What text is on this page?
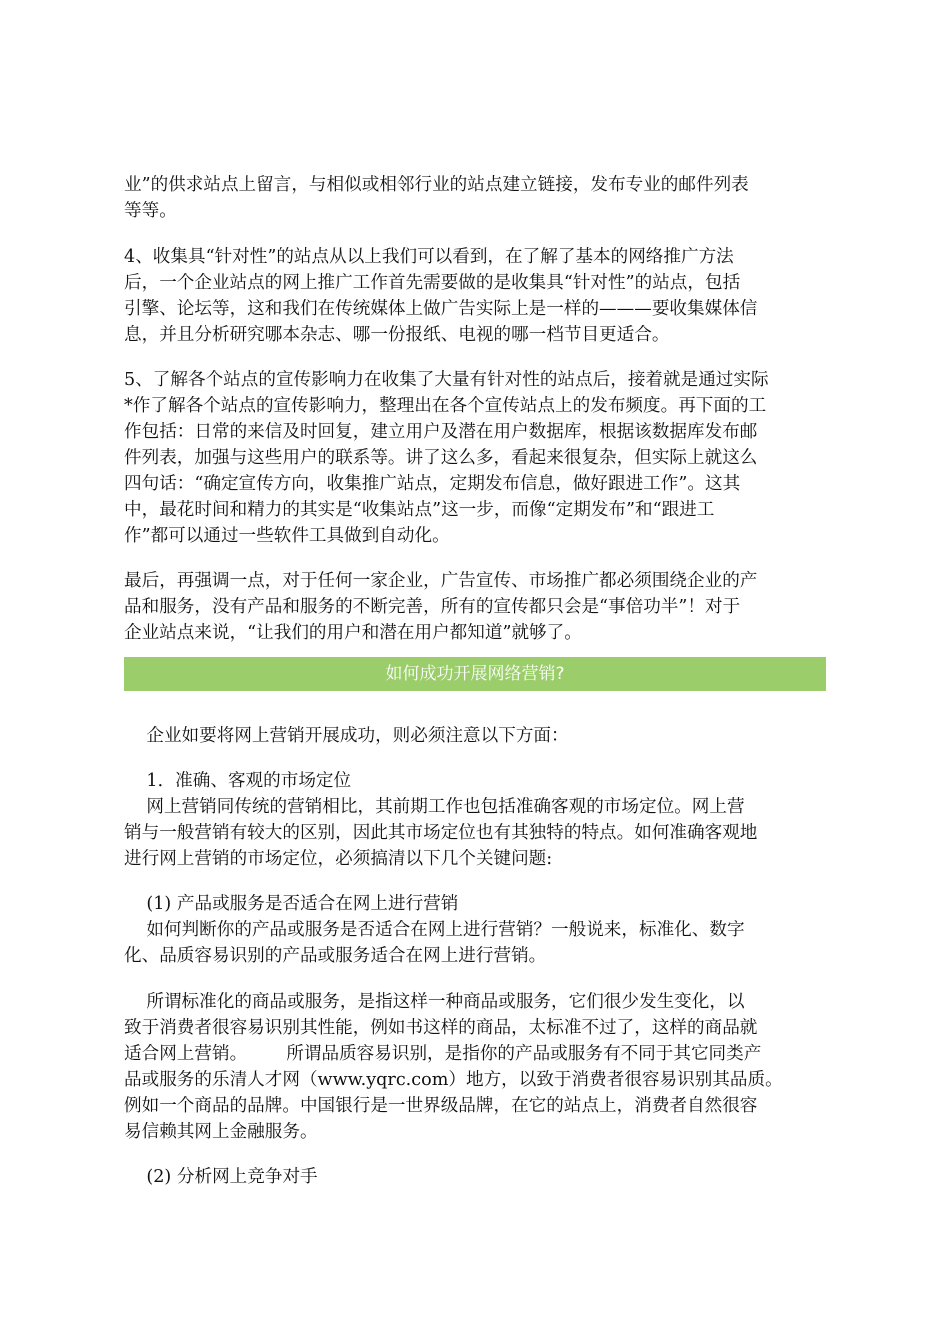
业”的供求站点上留言，与相似或相邻行业的站点建立链接，发布专业的邮件列表
等等。
4、收集具“针对性”的站点从以上我们可以看到，在了解了基本的网络推广方法
后，一个企业站点的网上推广工作首先需要做的是收集具“针对性”的站点，包括
引擎、论坛等，这和我们在传统媒体上做广告实际上是一样的———要收集媒体信
息，并且分析研究哪本杂志、哪一份报纸、电视的哪一档节目更适合。
5、了解各个站点的宣传影响力在收集了大量有针对性的站点后，接着就是通过实际
*作了解各个站点的宣传影响力，整理出在各个宣传站点上的发布频度。再下面的工
作包括：日常的来信及时回复，建立用户及潜在用户数据库，根据该数据库发布邮
件列表，加强与这些用户的联系等。讲了这么多，看起来很复杂，但实际上就这么
四句话：“确定宣传方向，收集推广站点，定期发布信息，做好跟进工作”。这其
中，最花时间和精力的其实是“收集站点”这一步，而像“定期发布”和“跟进工
作”都可以通过一些软件工具做到自动化。
最后，再强调一点，对于任何一家企业，广告宣传、市场推广都必须围绕企业的产
品和服务，没有产品和服务的不断完善，所有的宣传都只会是“事倍功半”！对于
企业站点来说，“让我们的用户和潜在用户都知道”就够了。
如何成功开展网络营销?
企业如要将网上营销开展成功，则必须注意以下方面：
1．准确、客观的市场定位
网上营销同传统的营销相比，其前期工作也包括准确客观的市场定位。网上营
销与一般营销有较大的区别，因此其市场定位也有其独特的特点。如何准确客观地
进行网上营销的市场定位，必须搞清以下几个关键问题:
(1) 产品或服务是否适合在网上进行营销
如何判断你的产品或服务是否适合在网上进行营销？一般说来，标准化、数字
化、品质容易识别的产品或服务适合在网上进行营销。
所谓标准化的商品或服务，是指这样一种商品或服务，它们很少发生变化，以
致于消费者很容易识别其性能，例如书这样的商品，太标准不过了，这样的商品就
适合网上营销。       所谓品质容易识别，是指你的产品或服务有不同于其它同类产
品或服务的乐清人才网（www.yqrc.com）地方，以致于消费者很容易识别其品质。
例如一个商品的品牌。中国银行是一世界级品牌，在它的站点上，消费者自然很容
易信赖其网上金融服务。
(2) 分析网上竞争对手
